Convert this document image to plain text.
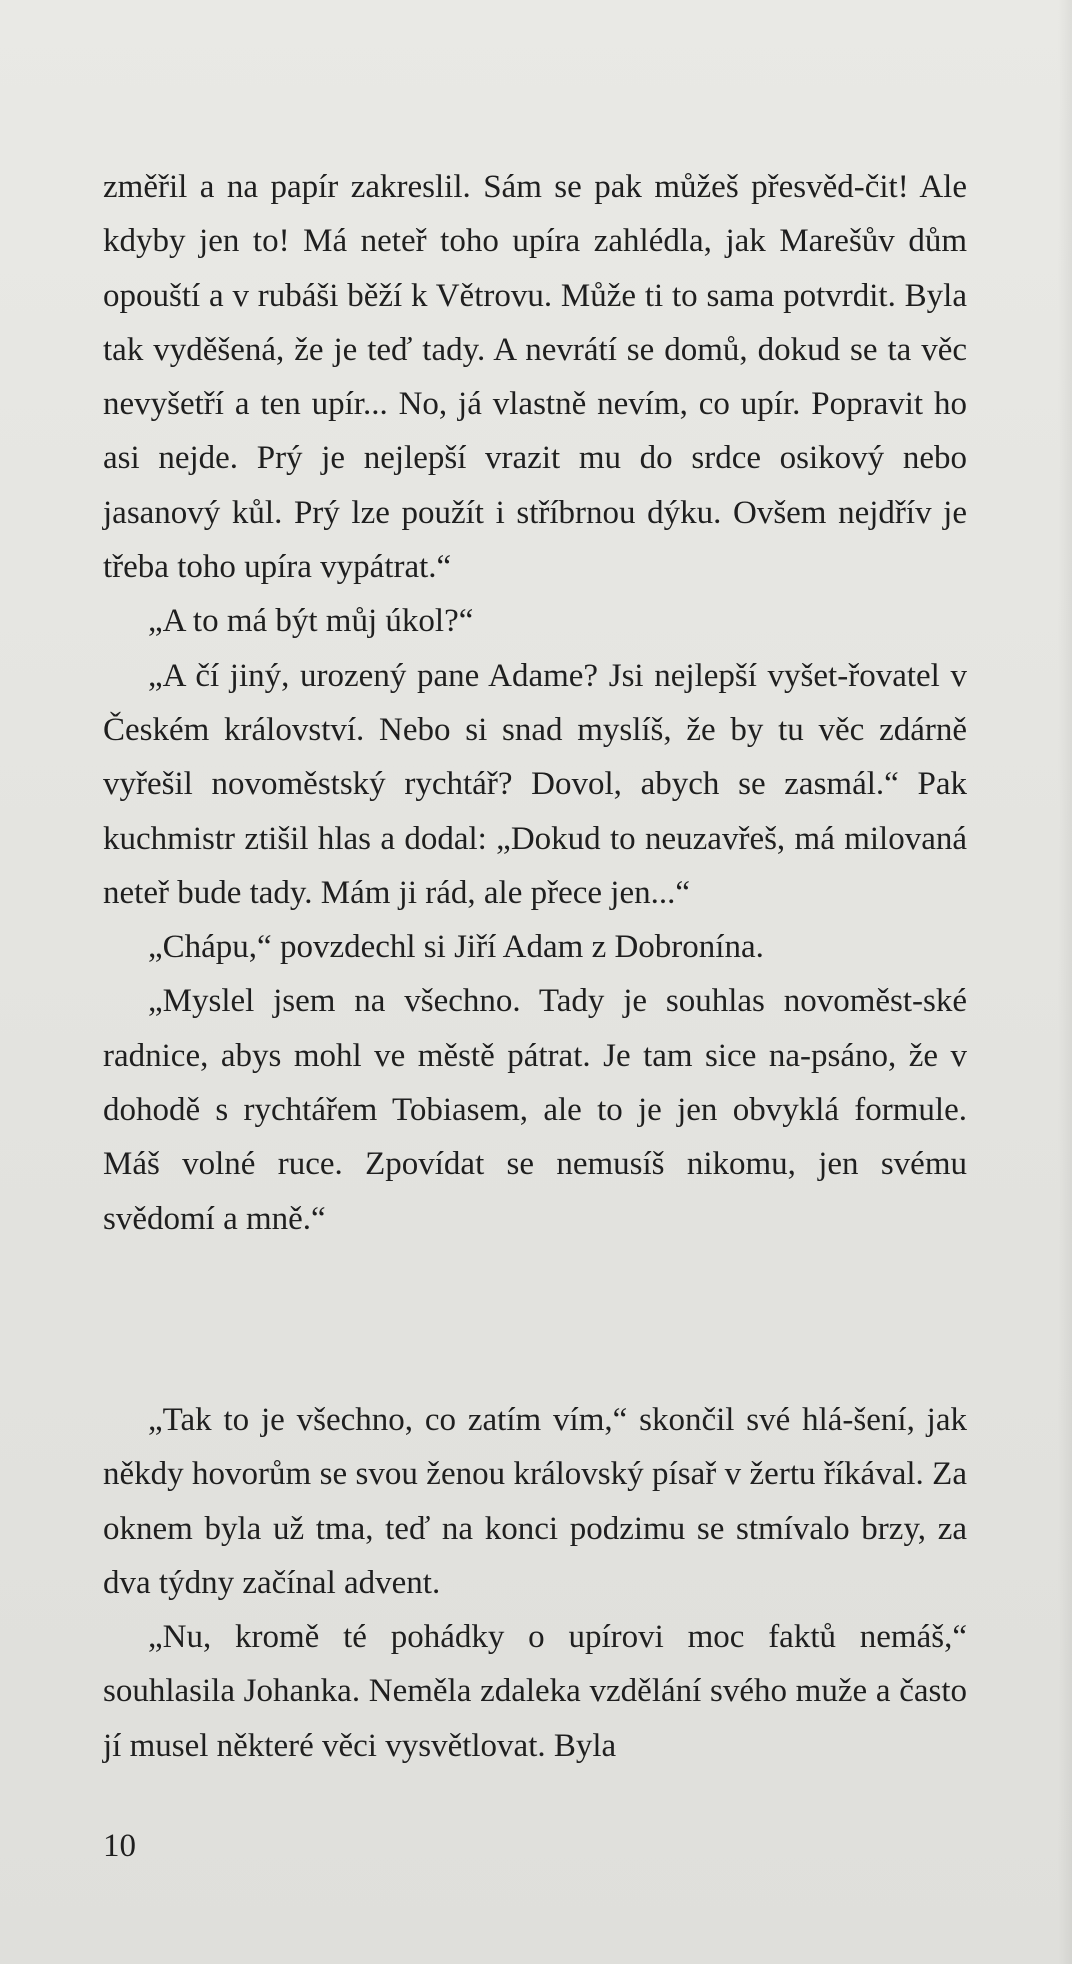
změřil a na papír zakreslil. Sám se pak můžeš přesvěd-čit! Ale kdyby jen to! Má neteř toho upíra zahlédla, jak Marešův dům opouští a v rubáši běží k Větrovu. Může ti to sama potvrdit. Byla tak vyděšená, že je teď tady. A nevrátí se domů, dokud se ta věc nevyšetří a ten upír... No, já vlastně nevím, co upír. Popravit ho asi nejde. Prý je nejlepší vrazit mu do srdce osikový nebo jasanový kůl. Prý lze použít i stříbrnou dýku. Ovšem nejdřív je třeba toho upíra vypátrat.“

„A to má být můj úkol?“

„A čí jiný, urozený pane Adame? Jsi nejlepší vyšet-řovatel v Českém království. Nebo si snad myslíš, že by tu věc zdárně vyřešil novoměstský rychtář? Dovol, abych se zasmál.“ Pak kuchmistr ztišil hlas a dodal: „Dokud to neuzavřeš, má milovaná neteř bude tady. Mám ji rád, ale přece jen...“

„Chápu,“ povzdechl si Jiří Adam z Dobronína.

„Myslel jsem na všechno. Tady je souhlas novoměst-ské radnice, abys mohl ve městě pátrat. Je tam sice na-psáno, že v dohodě s rychtářem Tobiasem, ale to je jen obvyklá formule. Máš volné ruce. Zpovídat se nemusíš nikomu, jen svému svědomí a mně.“

„Tak to je všechno, co zatím vím,“ skončil své hlá-šení, jak někdy hovorům se svou ženou královský písař v žertu říkával. Za oknem byla už tma, teď na konci podzimu se stmívalo brzy, za dva týdny začínal advent.

„Nu, kromě té pohádky o upírovi moc faktů nemáš,“ souhlasila Johanka. Neměla zdaleka vzdělání svého muže a často jí musel některé věci vysvětlovat. Byla

10
